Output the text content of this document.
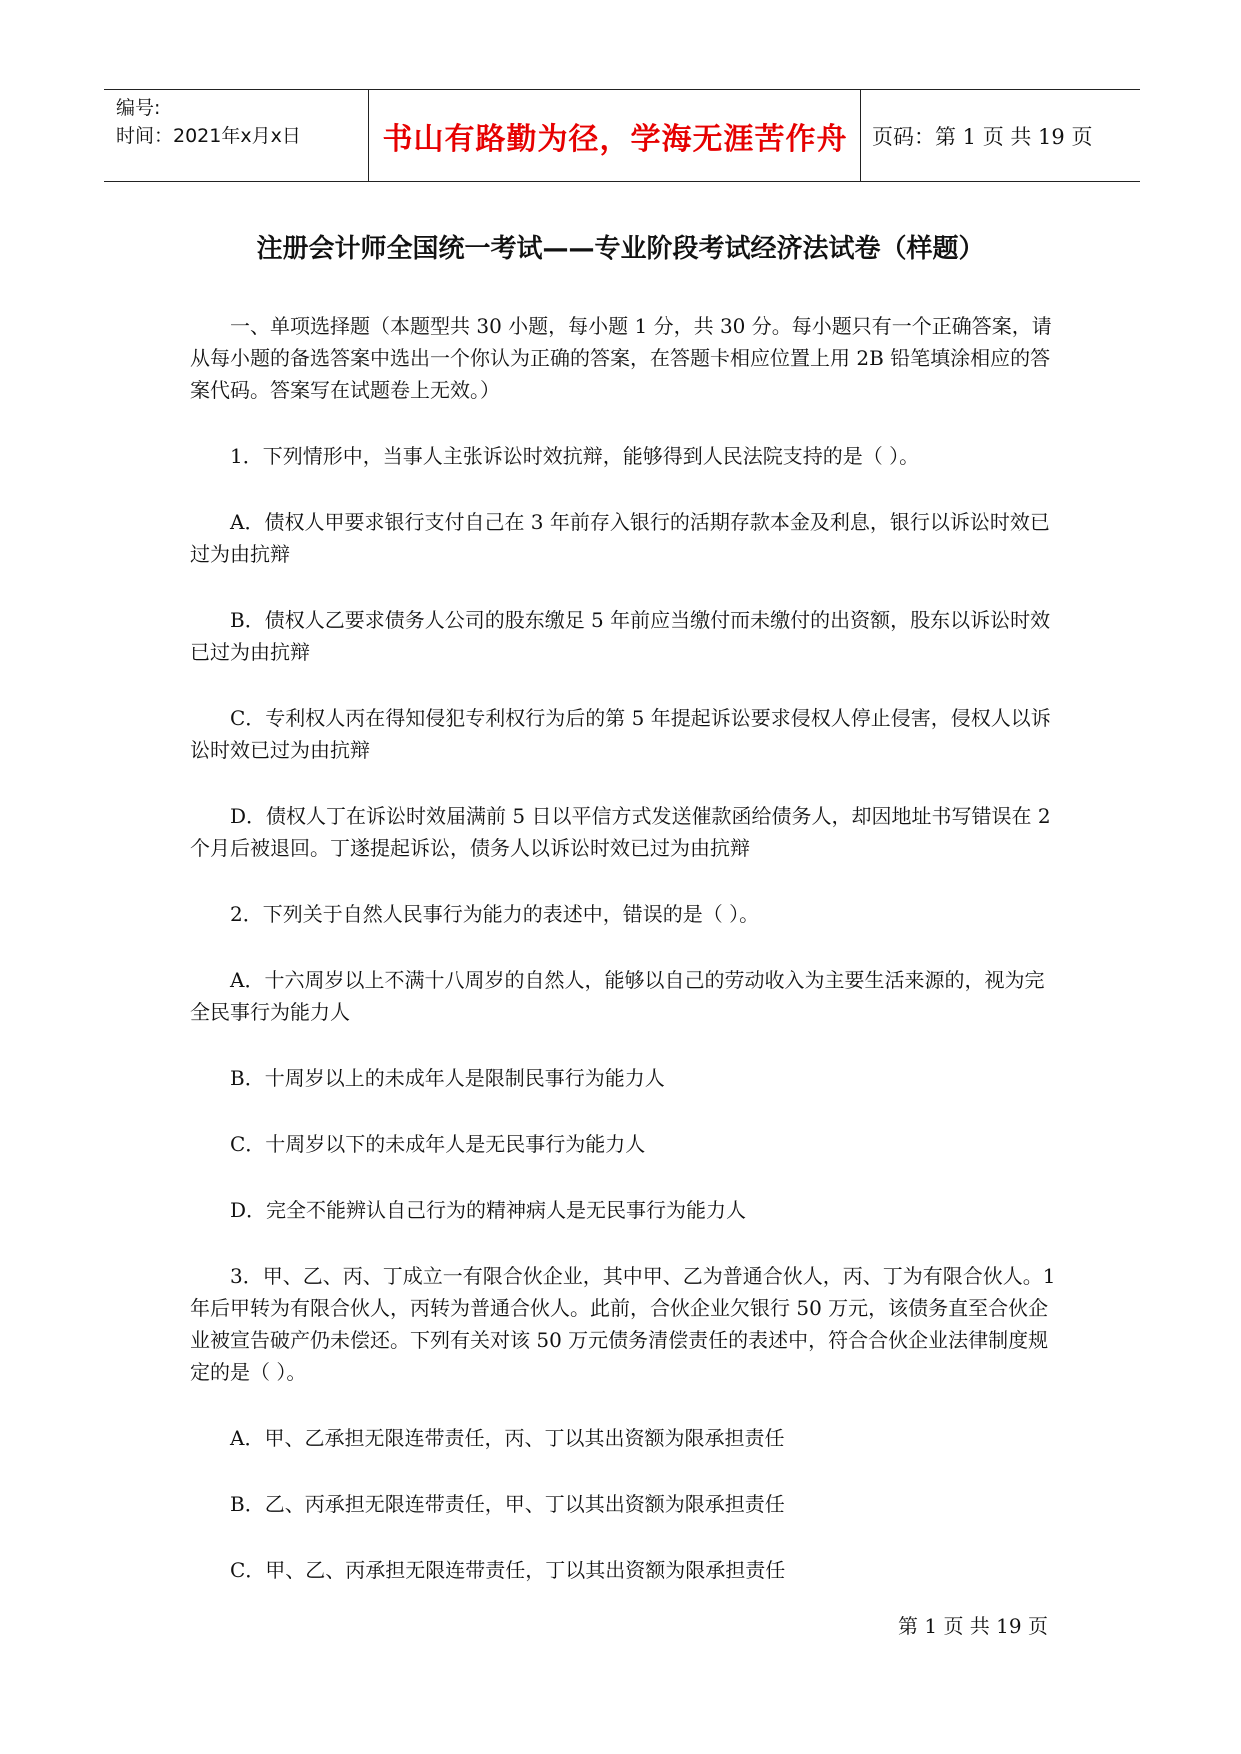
编号:
时间：2021年x月x日	书山有路勤为径，学海无涯苦作舟	页码：第 1 页 共 19 页
注册会计师全国统一考试——专业阶段考试经济法试卷（样题）

一、单项选择题（本题型共 30 小题，每小题 1 分，共 30 分。每小题只有一个正确答案，请从每小题的备选答案中选出一个你认为正确的答案，在答题卡相应位置上用 2B 铅笔填涂相应的答案代码。答案写在试题卷上无效。）

1．下列情形中，当事人主张诉讼时效抗辩，能够得到人民法院支持的是（ ）。

A．债权人甲要求银行支付自己在 3 年前存入银行的活期存款本金及利息，银行以诉讼时效已过为由抗辩

B．债权人乙要求债务人公司的股东缴足 5 年前应当缴付而未缴付的出资额，股东以诉讼时效已过为由抗辩

C．专利权人丙在得知侵犯专利权行为后的第 5 年提起诉讼要求侵权人停止侵害，侵权人以诉讼时效已过为由抗辩

D．债权人丁在诉讼时效届满前 5 日以平信方式发送催款函给债务人，却因地址书写错误在 2 个月后被退回。丁遂提起诉讼，债务人以诉讼时效已过为由抗辩

2．下列关于自然人民事行为能力的表述中，错误的是（ ）。

A．十六周岁以上不满十八周岁的自然人，能够以自己的劳动收入为主要生活来源的，视为完全民事行为能力人

B．十周岁以上的未成年人是限制民事行为能力人

C．十周岁以下的未成年人是无民事行为能力人

D．完全不能辨认自己行为的精神病人是无民事行为能力人

3．甲、乙、丙、丁成立一有限合伙企业，其中甲、乙为普通合伙人，丙、丁为有限合伙人。1 年后甲转为有限合伙人，丙转为普通合伙人。此前，合伙企业欠银行 50 万元，该债务直至合伙企业被宣告破产仍未偿还。下列有关对该 50 万元债务清偿责任的表述中，符合合伙企业法律制度规定的是（ ）。

A．甲、乙承担无限连带责任，丙、丁以其出资额为限承担责任

B．乙、丙承担无限连带责任，甲、丁以其出资额为限承担责任

C．甲、乙、丙承担无限连带责任，丁以其出资额为限承担责任

第 1 页 共 19 页
